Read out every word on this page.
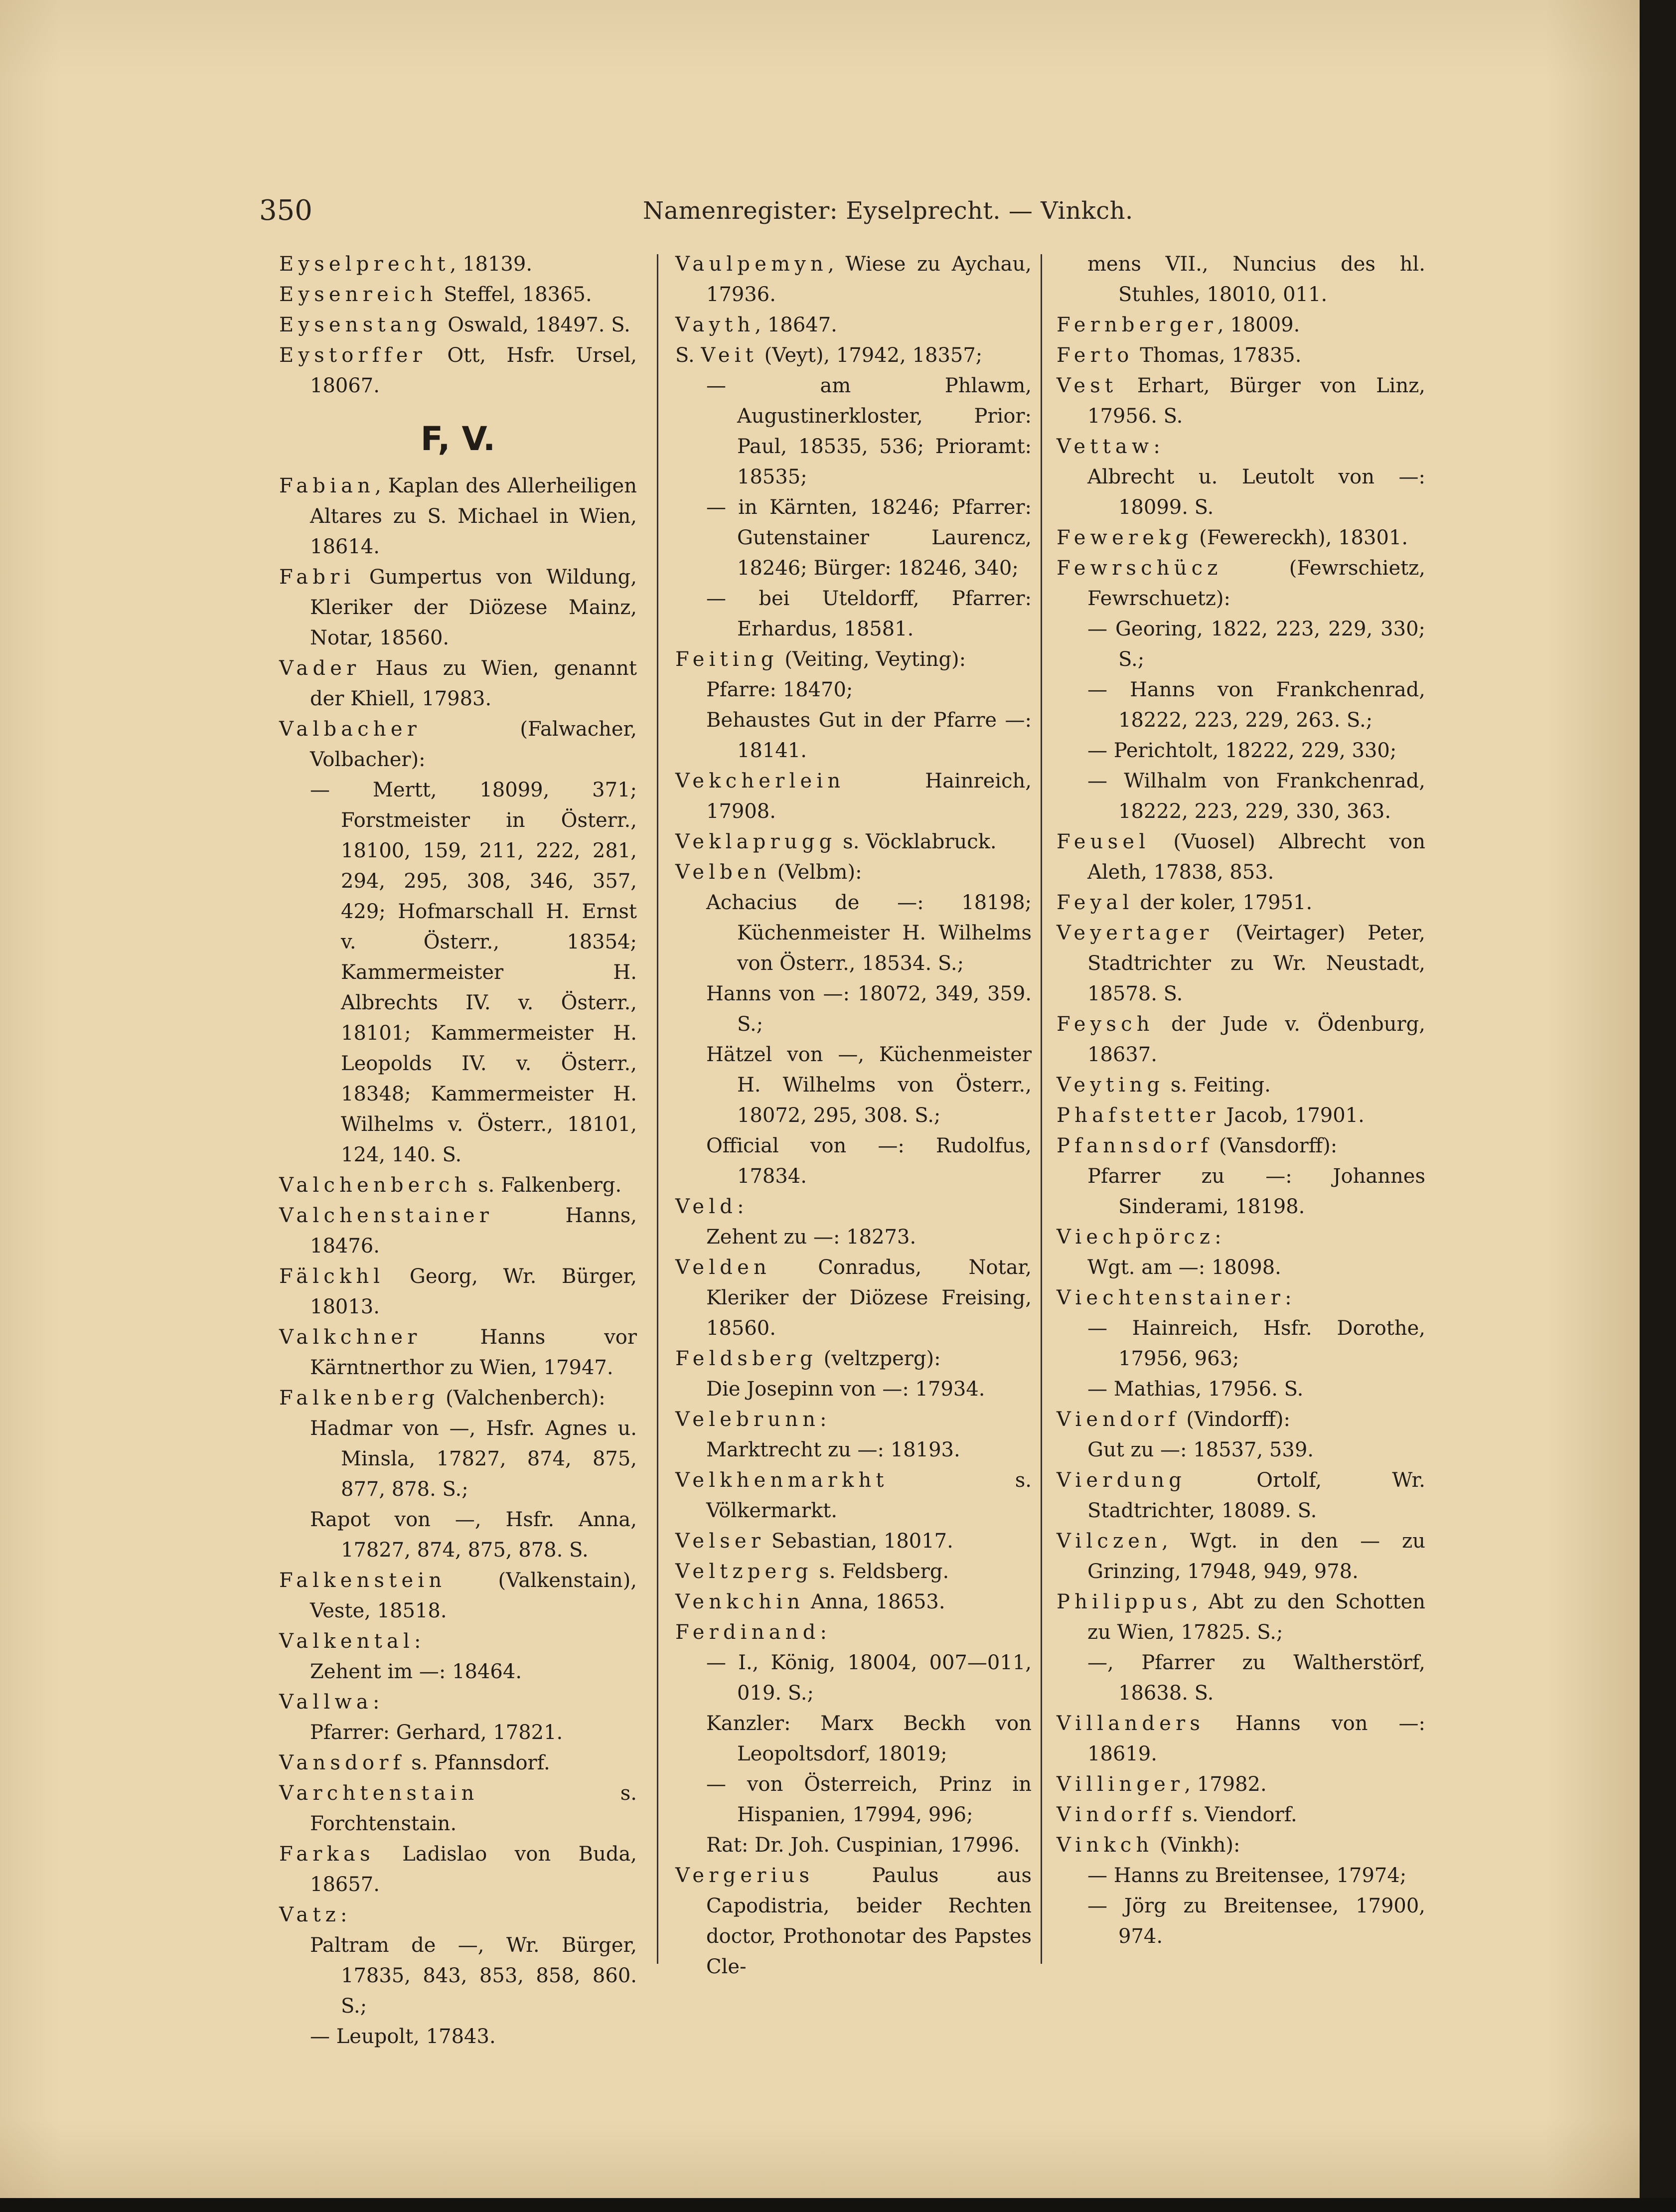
350	Namenregister: Eyselprecht. — Vinkch.

Eyselprecht, 18139.

Eysenreich Steffel, 18365.

Eysenstang Oswald, 18497. S.

Eystorffer Ott, Hsfr. Ursel, 18067.

F, V.

Fabian, Kaplan des Allerheiligen Altares zu S. Michael in Wien, 18614.

Fabri Gumpertus von Wildung, Kleriker der Diözese Mainz, Notar, 18560.

Vader Haus zu Wien, genannt der Khiell, 17983.

Valbacher (Falwacher, Volbacher):

— Mertt, 18099, 371; Forstmeister in Österr., 18100, 159, 211, 222, 281, 294, 295, 308, 346, 357, 429; Hofmarschall H. Ernst v. Österr., 18354; Kammermeister H. Albrechts IV. v. Österr., 18101; Kammermeister H. Leopolds IV. v. Österr., 18348; Kammermeister H. Wilhelms v. Österr., 18101, 124, 140. S.

Valchenberch s. Falkenberg.

Valchenstainer Hanns, 18476.

Fälckhl Georg, Wr. Bürger, 18013.

Valkchner Hanns vor Kärntnerthor zu Wien, 17947.

Falkenberg (Valchenberch):

Hadmar von —, Hsfr. Agnes u. Minsla, 17827, 874, 875, 877, 878. S.;

Rapot von —, Hsfr. Anna, 17827, 874, 875, 878. S.

Falkenstein (Valkenstain), Veste, 18518.

Valkental:

Zehent im —: 18464.

Vallwa:

Pfarrer: Gerhard, 17821.

Vansdorf s. Pfannsdorf.

Varchtenstain s. Forchtenstain.

Farkas Ladislao von Buda, 18657.

Vatz:

Paltram de —, Wr. Bürger, 17835, 843, 853, 858, 860. S.;

— Leupolt, 17843.

Vaulpemyn, Wiese zu Aychau, 17936.

Vayth, 18647.

S. Veit (Veyt), 17942, 18357;

— am Phlawm, Augustinerkloster, Prior: Paul, 18535, 536; Prioramt: 18535;

— in Kärnten, 18246; Pfarrer: Gutenstainer Laurencz, 18246; Bürger: 18246, 340;

— bei Uteldorff, Pfarrer: Erhardus, 18581.

Feiting (Veiting, Veyting):

Pfarre: 18470;

Behaustes Gut in der Pfarre —: 18141.

Vekcherlein Hainreich, 17908.

Veklaprugg s. Vöcklabruck.

Velben (Velbm):

Achacius de —: 18198; Küchenmeister H. Wilhelms von Österr., 18534. S.;

Hanns von —: 18072, 349, 359. S.;

Hätzel von —, Küchenmeister H. Wilhelms von Österr., 18072, 295, 308. S.;

Official von —: Rudolfus, 17834.

Veld:

Zehent zu —: 18273.

Velden Conradus, Notar, Kleriker der Diözese Freising, 18560.

Feldsberg (veltzperg):

Die Josepinn von —: 17934.

Velebrunn:

Marktrecht zu —: 18193.

Velkhenmarkht s. Völkermarkt.

Velser Sebastian, 18017.

Veltzperg s. Feldsberg.

Venkchin Anna, 18653.

Ferdinand:

— I., König, 18004, 007—011, 019. S.;

Kanzler: Marx Beckh von Leopoltsdorf, 18019;

— von Österreich, Prinz in Hispanien, 17994, 996;

Rat: Dr. Joh. Cuspinian, 17996.

Vergerius Paulus aus Capodistria, beider Rechten doctor, Prothonotar des Papstes Cle-

mens VII., Nuncius des hl. Stuhles, 18010, 011.

Fernberger, 18009.

Ferto Thomas, 17835.

Vest Erhart, Bürger von Linz, 17956. S.

Vettaw:

Albrecht u. Leutolt von —: 18099. S.

Fewerekg (Fewereckh), 18301.

Fewrschücz (Fewrschietz, Fewrschuetz):

— Georing, 1822, 223, 229, 330; S.;

— Hanns von Frankchenrad, 18222, 223, 229, 263. S.;

— Perichtolt, 18222, 229, 330;

— Wilhalm von Frankchenrad, 18222, 223, 229, 330, 363.

Feusel (Vuosel) Albrecht von Aleth, 17838, 853.

Feyal der koler, 17951.

Veyertager (Veirtager) Peter, Stadtrichter zu Wr. Neustadt, 18578. S.

Feysch der Jude v. Ödenburg, 18637.

Veyting s. Feiting.

Phafstetter Jacob, 17901.

Pfannsdorf (Vansdorff):

Pfarrer zu —: Johannes Sinderami, 18198.

Viechpörcz:

Wgt. am —: 18098.

Viechtenstainer:

— Hainreich, Hsfr. Dorothe, 17956, 963;

— Mathias, 17956. S.

Viendorf (Vindorff):

Gut zu —: 18537, 539.

Vierdung Ortolf, Wr. Stadtrichter, 18089. S.

Vilczen, Wgt. in den — zu Grinzing, 17948, 949, 978.

Philippus, Abt zu den Schotten zu Wien, 17825. S.;

—, Pfarrer zu Waltherstörf, 18638. S.

Villanders Hanns von —: 18619.

Villinger, 17982.

Vindorff s. Viendorf.

Vinkch (Vinkh):

— Hanns zu Breitensee, 17974;

— Jörg zu Breitensee, 17900, 974.
